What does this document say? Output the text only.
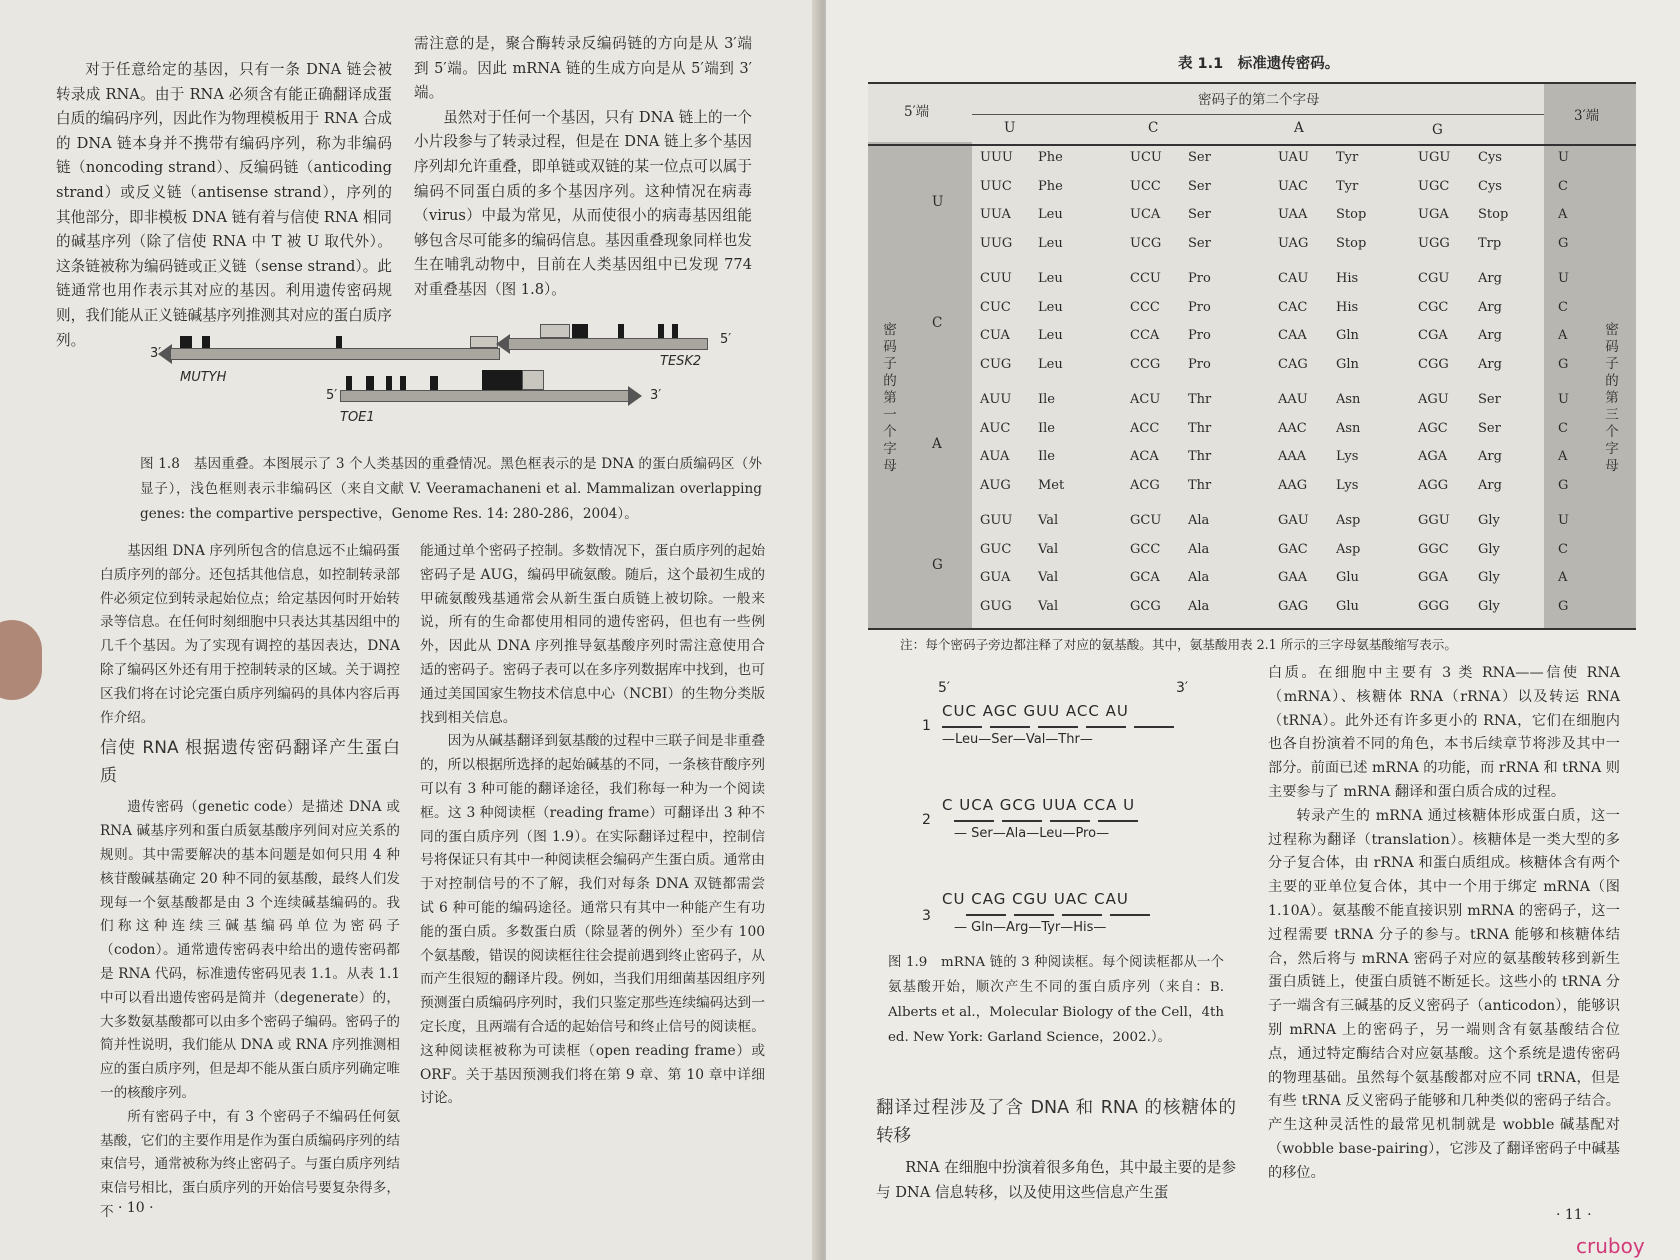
对于任意给定的基因，只有一条 DNA 链会被转录成 RNA。由于 RNA 必须含有能正确翻译成蛋白质的编码序列，因此作为物理模板用于 RNA 合成的 DNA 链本身并不携带有编码序列，称为非编码链（noncoding strand）、反编码链（anticoding strand）或反义链（antisense strand），序列的其他部分，即非模板 DNA 链有着与信使 RNA 相同的碱基序列（除了信使 RNA 中 T 被 U 取代外）。这条链被称为编码链或正义链（sense strand）。此链通常也用作表示其对应的基因。利用遗传密码规则，我们能从正义链碱基序列推测其对应的蛋白质序列。

需注意的是，聚合酶转录反编码链的方向是从 3′端到 5′端。因此 mRNA 链的生成方向是从 5′端到 3′端。

虽然对于任何一个基因，只有 DNA 链上的一个小片段参与了转录过程，但是在 DNA 链上多个基因序列却允许重叠，即单链或双链的某一位点可以属于编码不同蛋白质的多个基因序列。这种情况在病毒（virus）中最为常见，从而使很小的病毒基因组能够包含尽可能多的编码信息。基因重叠现象同样也发生在哺乳动物中，目前在人类基因组中已发现 774 对重叠基因（图 1.8）。

3′
MUTYH
5′
TESK2
5′	3′
TOE1

图 1.8　基因重叠。本图展示了 3 个人类基因的重叠情况。黑色框表示的是 DNA 的蛋白质编码区（外显子），浅色框则表示非编码区（来自文献 V. Veeramachaneni et al. Mammalizan overlapping genes: the compartive perspective，Genome Res. 14: 280-286，2004）。

基因组 DNA 序列所包含的信息远不止编码蛋白质序列的部分。还包括其他信息，如控制转录部件必须定位到转录起始位点；给定基因何时开始转录等信息。在任何时刻细胞中只表达其基因组中的几千个基因。为了实现有调控的基因表达，DNA 除了编码区外还有用于控制转录的区域。关于调控区我们将在讨论完蛋白质序列编码的具体内容后再作介绍。

信使 RNA 根据遗传密码翻译产生蛋白质

遗传密码（genetic code）是描述 DNA 或 RNA 碱基序列和蛋白质氨基酸序列间对应关系的规则。其中需要解决的基本问题是如何只用 4 种核苷酸碱基确定 20 种不同的氨基酸，最终人们发现每一个氨基酸都是由 3 个连续碱基编码的。我们称这种连续三碱基编码单位为密码子（codon）。通常遗传密码表中给出的遗传密码都是 RNA 代码，标准遗传密码见表 1.1。从表 1.1 中可以看出遗传密码是简并（degenerate）的，大多数氨基酸都可以由多个密码子编码。密码子的简并性说明，我们能从 DNA 或 RNA 序列推测相应的蛋白质序列，但是却不能从蛋白质序列确定唯一的核酸序列。

所有密码子中，有 3 个密码子不编码任何氨基酸，它们的主要作用是作为蛋白质编码序列的结束信号，通常被称为终止密码子。与蛋白质序列结束信号相比，蛋白质序列的开始信号要复杂得多，不

能通过单个密码子控制。多数情况下，蛋白质序列的起始密码子是 AUG，编码甲硫氨酸。随后，这个最初生成的甲硫氨酸残基通常会从新生蛋白质链上被切除。一般来说，所有的生命都使用相同的遗传密码，但也有一些例外，因此从 DNA 序列推导氨基酸序列时需注意使用合适的密码子。密码子表可以在多序列数据库中找到，也可通过美国国家生物技术信息中心（NCBI）的生物分类版找到相关信息。

因为从碱基翻译到氨基酸的过程中三联子间是非重叠的，所以根据所选择的起始碱基的不同，一条核苷酸序列可以有 3 种可能的翻译途径，我们称每一种为一个阅读框。这 3 种阅读框（reading frame）可翻译出 3 种不同的蛋白质序列（图 1.9）。在实际翻译过程中，控制信号将保证只有其中一种阅读框会编码产生蛋白质。通常由于对控制信号的不了解，我们对每条 DNA 双链都需尝试 6 种可能的编码途径。通常只有其中一种能产生有功能的蛋白质。多数蛋白质（除显著的例外）至少有 100 个氨基酸，错误的阅读框往往会提前遇到终止密码子，从而产生很短的翻译片段。例如，当我们用细菌基因组序列预测蛋白质编码序列时，我们只鉴定那些连续编码达到一定长度，且两端有合适的起始信号和终止信号的阅读框。这种阅读框被称为可读框（open reading frame）或 ORF。关于基因预测我们将在第 9 章、第 10 章中详细讨论。

· 10 ·
表 1.1　标准遗传密码。
5′端	3′端
密码子的第二个字母
U	C	A	G
密码子的第一个字母
密码子的第三个字母
U
UUU Phe	UCU Ser	UAU Tyr	UGU Cys	U
UUC Phe	UCC Ser	UAC Tyr	UGC Cys	C
UUA Leu	UCA Ser	UAA Stop	UGA Stop	A
UUG Leu	UCG Ser	UAG Stop	UGG Trp	G
C
CUU Leu	CCU Pro	CAU His	CGU Arg	U
CUC Leu	CCC Pro	CAC His	CGC Arg	C
CUA Leu	CCA Pro	CAA Gln	CGA Arg	A
CUG Leu	CCG Pro	CAG Gln	CGG Arg	G
A
AUU Ile	ACU Thr	AAU Asn	AGU Ser	U
AUC Ile	ACC Thr	AAC Asn	AGC Ser	C
AUA Ile	ACA Thr	AAA Lys	AGA Arg	A
AUG Met	ACG Thr	AAG Lys	AGG Arg	G
G
GUU Val	GCU Ala	GAU Asp	GGU Gly	U
GUC Val	GCC Ala	GAC Asp	GGC Gly	C
GUA Val	GCA Ala	GAA Glu	GGA Gly	A
GUG Val	GCG Ala	GAG Glu	GGG Gly	G
注：每个密码子旁边都注释了对应的氨基酸。其中，氨基酸用表 2.1 所示的三字母氨基酸缩写表示。
5′	3′
1
CUC AGC GUU ACC AU
—Leu—Ser—Val—Thr—
2
C UCA GCG UUA CCA U
— Ser—Ala—Leu—Pro—
3
CU CAG CGU UAC CAU
— Gln—Arg—Tyr—His—

图 1.9　mRNA 链的 3 种阅读框。每个阅读框都从一个氨基酸开始，顺次产生不同的蛋白质序列（来自：B. Alberts et al.，Molecular Biology of the Cell，4th ed. New York: Garland Science，2002.）。

翻译过程涉及了含 DNA 和 RNA 的核糖体的转移

RNA 在细胞中扮演着很多角色，其中最主要的是参与 DNA 信息转移，以及使用这些信息产生蛋

白质。在细胞中主要有 3 类 RNA——信使 RNA（mRNA）、核糖体 RNA（rRNA）以及转运 RNA（tRNA）。此外还有许多更小的 RNA，它们在细胞内也各自扮演着不同的角色，本书后续章节将涉及其中一部分。前面已述 mRNA 的功能，而 rRNA 和 tRNA 则主要参与了 mRNA 翻译和蛋白质合成的过程。

转录产生的 mRNA 通过核糖体形成蛋白质，这一过程称为翻译（translation）。核糖体是一类大型的多分子复合体，由 rRNA 和蛋白质组成。核糖体含有两个主要的亚单位复合体，其中一个用于绑定 mRNA（图 1.10A）。氨基酸不能直接识别 mRNA 的密码子，这一过程需要 tRNA 分子的参与。tRNA 能够和核糖体结合，然后将与 mRNA 密码子对应的氨基酸转移到新生蛋白质链上，使蛋白质链不断延长。这些小的 tRNA 分子一端含有三碱基的反义密码子（anticodon），能够识别 mRNA 上的密码子，另一端则含有氨基酸结合位点，通过特定酶结合对应氨基酸。这个系统是遗传密码的物理基础。虽然每个氨基酸都对应不同 tRNA，但是有些 tRNA 反义密码子能够和几种类似的密码子结合。产生这种灵活性的最常见机制就是 wobble 碱基配对（wobble base-pairing），它涉及了翻译密码子中碱基的移位。

· 11 ·
cruboy
